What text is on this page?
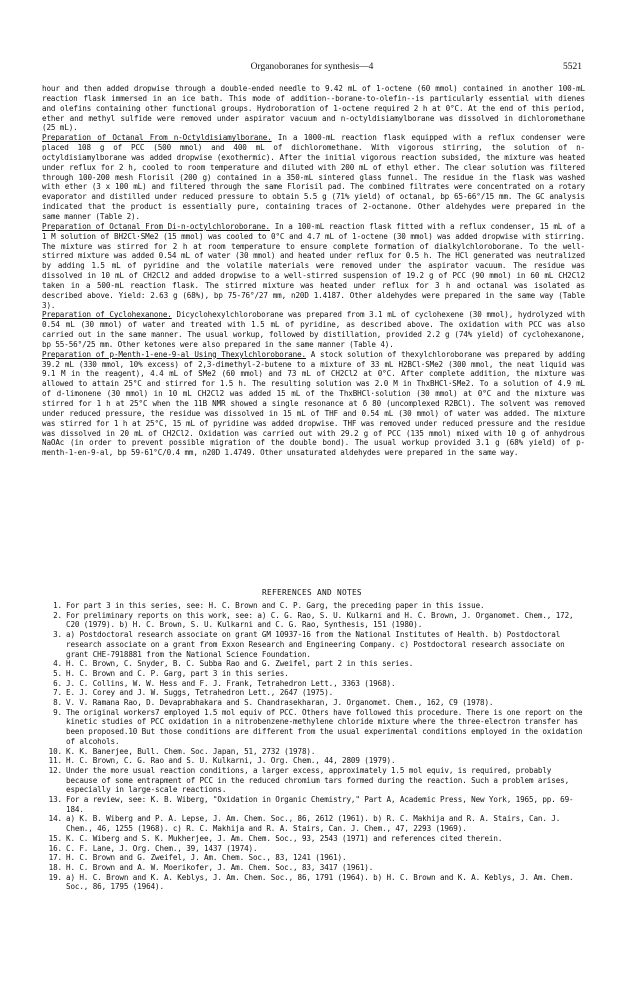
Organoboranes for synthesis—4	5521

hour and then added dropwise through a double-ended needle to 9.42 mL of 1-octene (60 mmol) contained in another 100-mL reaction flask immersed in an ice bath. This mode of addition--borane-to-olefin--is particularly essential with dienes and olefins containing other functional groups. Hydroboration of 1-octene required 2 h at 0°C. At the end of this period, ether and methyl sulfide were removed under aspirator vacuum and n-octyldisiamylborane was dissolved in dichloromethane (25 mL).

Preparation of Octanal From n-Octyldisiamylborane. In a 1000-mL reaction flask equipped with a reflux condenser were placed 108 g of PCC (500 mmol) and 400 mL of dichloromethane. With vigorous stirring, the solution of n-octyldisiamylborane was added dropwise (exothermic). After the initial vigorous reaction subsided, the mixture was heated under reflux for 2 h, cooled to room temperature and diluted with 200 mL of ethyl ether. The clear solution was filtered through 100-200 mesh Florisil (200 g) contained in a 350-mL sintered glass funnel. The residue in the flask was washed with ether (3 x 100 mL) and filtered through the same Florisil pad. The combined filtrates were concentrated on a rotary evaporator and distilled under reduced pressure to obtain 5.5 g (71% yield) of octanal, bp 65-66°/15 mm. The GC analysis indicated that the product is essentially pure, containing traces of 2-octanone. Other aldehydes were prepared in the same manner (Table 2).

Preparation of Octanal From Di-n-octylchloroborane. In a 100-mL reaction flask fitted with a reflux condenser, 15 mL of a 1 M solution of BH2Cl·SMe2 (15 mmol) was cooled to 0°C and 4.7 mL of 1-octene (30 mmol) was added dropwise with stirring. The mixture was stirred for 2 h at room temperature to ensure complete formation of dialkylchloroborane. To the well-stirred mixture was added 0.54 mL of water (30 mmol) and heated under reflux for 0.5 h. The HCl generated was neutralized by adding 1.5 mL of pyridine and the volatile materials were removed under the aspirator vacuum. The residue was dissolved in 10 mL of CH2Cl2 and added dropwise to a well-stirred suspension of 19.2 g of PCC (90 mmol) in 60 mL CH2Cl2 taken in a 500-mL reaction flask. The stirred mixture was heated under reflux for 3 h and octanal was isolated as described above. Yield: 2.63 g (68%), bp 75-76°/27 mm, n20D 1.4187. Other aldehydes were prepared in the same way (Table 3).

Preparation of Cyclohexanone. Dicyclohexylchloroborane was prepared from 3.1 mL of cyclohexene (30 mmol), hydrolyzed with 0.54 mL (30 mmol) of water and treated with 1.5 mL of pyridine, as described above. The oxidation with PCC was also carried out in the same manner. The usual workup, followed by distillation, provided 2.2 g (74% yield) of cyclohexanone, bp 55-56°/25 mm. Other ketones were also prepared in the same manner (Table 4).

Preparation of p-Menth-1-ene-9-al Using Thexylchloroborane. A stock solution of thexylchloroborane was prepared by adding 39.2 mL (330 mmol, 10% excess) of 2,3-dimethyl-2-butene to a mixture of 33 mL H2BCl·SMe2 (300 mmol, the neat liquid was 9.1 M in the reagent), 4.4 mL of SMe2 (60 mmol) and 73 mL of CH2Cl2 at 0°C. After complete addition, the mixture was allowed to attain 25°C and stirred for 1.5 h. The resulting solution was 2.0 M in ThxBHCl·SMe2. To a solution of 4.9 mL of d-limonene (30 mmol) in 10 mL CH2Cl2 was added 15 mL of the ThxBHCl·solution (30 mmol) at 0°C and the mixture was stirred for 1 h at 25°C when the 11B NMR showed a single resonance at δ 80 (uncomplexed R2BCl). The solvent was removed under reduced pressure, the residue was dissolved in 15 mL of THF and 0.54 mL (30 mmol) of water was added. The mixture was stirred for 1 h at 25°C, 15 mL of pyridine was added dropwise. THF was removed under reduced pressure and the residue was dissolved in 20 mL of CH2Cl2. Oxidation was carried out with 29.2 g of PCC (135 mmol) mixed with 10 g of anhydrous NaOAc (in order to prevent possible migration of the double bond). The usual workup provided 3.1 g (68% yield) of p-menth-1-en-9-al, bp 59-61°C/0.4 mm, n20D 1.4749. Other unsaturated aldehydes were prepared in the same way.

REFERENCES AND NOTES
1. For part 3 in this series, see: H. C. Brown and C. P. Garg, the preceding paper in this issue.
2. For preliminary reports on this work, see: a) C. G. Rao, S. U. Kulkarni and H. C. Brown, J. Organomet. Chem., 172, C20 (1979). b) H. C. Brown, S. U. Kulkarni and C. G. Rao, Synthesis, 151 (1980).
3. a) Postdoctoral research associate on grant GM 10937-16 from the National Institutes of Health. b) Postdoctoral research associate on a grant from Exxon Research and Engineering Company. c) Postdoctoral research associate on grant CHE-7918881 from the National Science Foundation.
4. H. C. Brown, C. Snyder, B. C. Subba Rao and G. Zweifel, part 2 in this series.
5. H. C. Brown and C. P. Garg, part 3 in this series.
6. J. C. Collins, W. W. Hess and F. J. Frank, Tetrahedron Lett., 3363 (1968).
7. E. J. Corey and J. W. Suggs, Tetrahedron Lett., 2647 (1975).
8. V. V. Ramana Rao, D. Devaprabhakara and S. Chandrasekharan, J. Organomet. Chem., 162, C9 (1978).
9. The original workers7 employed 1.5 mol equiv of PCC. Others have followed this procedure. There is one report on the kinetic studies of PCC oxidation in a nitrobenzene-methylene chloride mixture where the three-electron transfer has been proposed.10 But those conditions are different from the usual experimental conditions employed in the oxidation of alcohols.
10. K. K. Banerjee, Bull. Chem. Soc. Japan, 51, 2732 (1978).
11. H. C. Brown, C. G. Rao and S. U. Kulkarni, J. Org. Chem., 44, 2809 (1979).
12. Under the more usual reaction conditions, a larger excess, approximately 1.5 mol equiv, is required, probably because of some entrapment of PCC in the reduced chromium tars formed during the reaction. Such a problem arises, especially in large-scale reactions.
13. For a review, see: K. B. Wiberg, "Oxidation in Organic Chemistry," Part A, Academic Press, New York, 1965, pp. 69-184.
14. a) K. B. Wiberg and P. A. Lepse, J. Am. Chem. Soc., 86, 2612 (1961). b) R. C. Makhija and R. A. Stairs, Can. J. Chem., 46, 1255 (1968). c) R. C. Makhija and R. A. Stairs, Can. J. Chem., 47, 2293 (1969).
15. K. C. Wiberg and S. K. Mukherjee, J. Am. Chem. Soc., 93, 2543 (1971) and references cited therein.
16. C. F. Lane, J. Org. Chem., 39, 1437 (1974).
17. H. C. Brown and G. Zweifel, J. Am. Chem. Soc., 83, 1241 (1961).
18. H. C. Brown and A. W. Moerikofer, J. Am. Chem. Soc., 83, 3417 (1961).
19. a) H. C. Brown and K. A. Keblys, J. Am. Chem. Soc., 86, 1791 (1964). b) H. C. Brown and K. A. Keblys, J. Am. Chem. Soc., 86, 1795 (1964).
